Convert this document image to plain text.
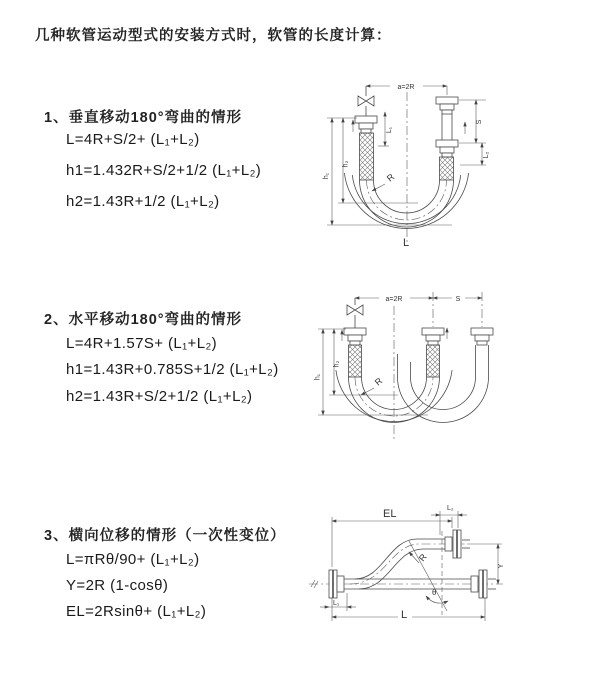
几种软管运动型式的安装方式时，软管的长度计算：
1、垂直移动180°弯曲的情形
L=4R+S/2+ (L₁+L₂)
h1=1.432R+S/2+1/2 (L₁+L₂)
h2=1.43R+1/2 (L₁+L₂)
2、水平移动180°弯曲的情形
L=4R+1.57S+ (L₁+L₂)
h1=1.43R+0.785S+1/2 (L₁+L₂)
h2=1.43R+S/2+1/2 (L₁+L₂)
3、横向位移的情形（一次性变位）
L=πRθ/90+ (L₁+L₂)
Y=2R (1-cosθ)
EL=2Rsinθ+ (L₁+L₂)
a=2R
h₁
h₂
L₁
S
L₂
R
L
a=2R	S
h₁
h₂
R
EL	L₂
Y
θ
R
L
L₁
